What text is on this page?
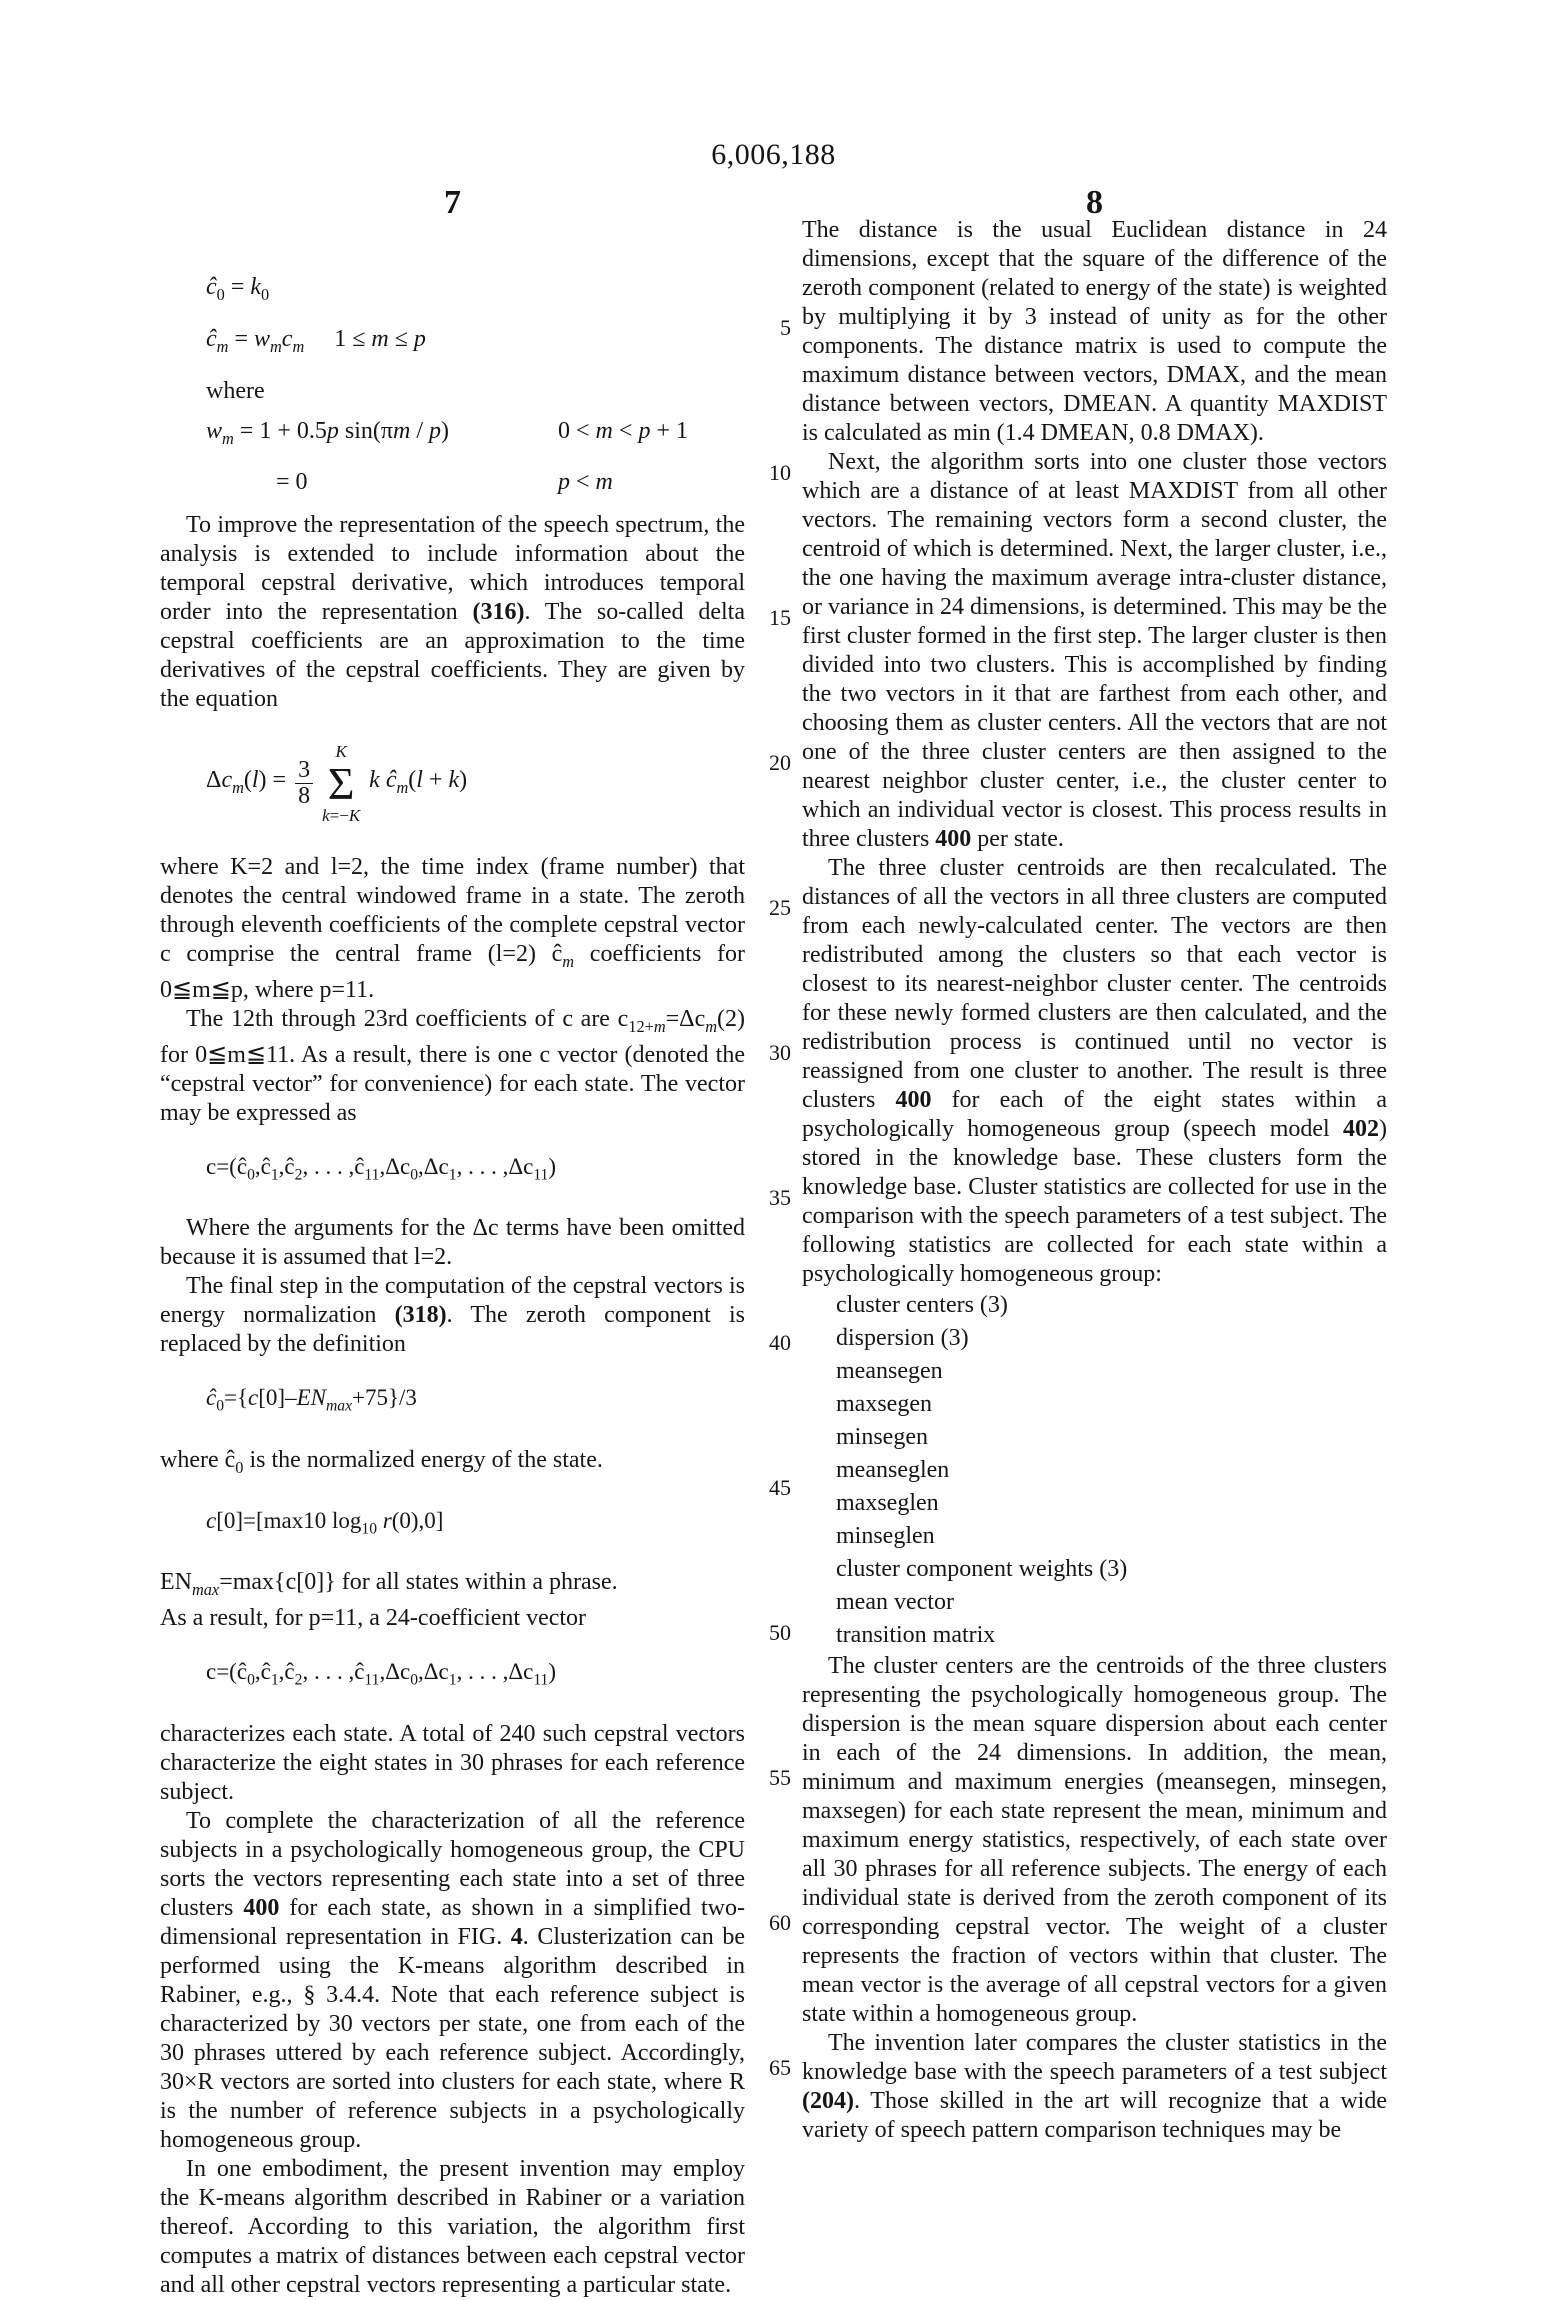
6,006,188
7	8
5
10
15
20
25
30
35
40
45
50
55
60
65
$ĉ_0 = k_0$
$ĉ_m = w_mc_m$ 1 ≤ m ≤ p
where
$w_m = 1 + 0.5p$ sin(πm / p)	0 < m < p + 1
= 0	p < m

To improve the representation of the speech spectrum, the analysis is extended to include information about the temporal cepstral derivative, which introduces temporal order into the representation (316). The so-called delta cepstral coefficients are an approximation to the time derivatives of the cepstral coefficients. They are given by the equation

$\Delta c_m(l) = \frac{3}{8}$
K
Σ
k=−K
k $ĉ_m(l + k)$

where K=2 and l=2, the time index (frame number) that denotes the central windowed frame in a state. The zeroth through eleventh coefficients of the complete cepstral vector c comprise the central frame (l=2) $ĉ_m$ coefficients for 0≦m≦p, where p=11.

The 12th through 23rd coefficients of c are $c_{12+m}=\Delta c_m(2)$ for 0≦m≦11. As a result, there is one c vector (denoted the “cepstral vector” for convenience) for each state. The vector may be expressed as

$c=(ĉ_0,ĉ_1,ĉ_2$, . . . $,ĉ_{11},\Delta c_0,\Delta c_1$, . . . $,\Delta c_{11}$)

Where the arguments for the Δc terms have been omitted because it is assumed that l=2.

The final step in the computation of the cepstral vectors is energy normalization (318). The zeroth component is replaced by the definition

$ĉ_0=\{c[0]-EN_{max}+75\}/3$

where $ĉ_0$ is the normalized energy of the state.

c[0]=[max10 $\log_{10} r(0),0$]

$EN_{max}=\max\{c[0]\}$ for all states within a phrase.

As a result, for p=11, a 24-coefficient vector

$c=(ĉ_0,ĉ_1,ĉ_2$, . . . $,ĉ_{11},\Delta c_0,\Delta c_1$, . . . $,\Delta c_{11}$)

characterizes each state. A total of 240 such cepstral vectors characterize the eight states in 30 phrases for each reference subject.

To complete the characterization of all the reference subjects in a psychologically homogeneous group, the CPU sorts the vectors representing each state into a set of three clusters 400 for each state, as shown in a simplified two-dimensional representation in FIG. 4. Clusterization can be performed using the K-means algorithm described in Rabiner, e.g., § 3.4.4. Note that each reference subject is characterized by 30 vectors per state, one from each of the 30 phrases uttered by each reference subject. Accordingly, 30×R vectors are sorted into clusters for each state, where R is the number of reference subjects in a psychologically homogeneous group.

In one embodiment, the present invention may employ the K-means algorithm described in Rabiner or a variation thereof. According to this variation, the algorithm first computes a matrix of distances between each cepstral vector and all other cepstral vectors representing a particular state.

The distance is the usual Euclidean distance in 24 dimensions, except that the square of the difference of the zeroth component (related to energy of the state) is weighted by multiplying it by 3 instead of unity as for the other components. The distance matrix is used to compute the maximum distance between vectors, DMAX, and the mean distance between vectors, DMEAN. A quantity MAXDIST is calculated as min (1.4 DMEAN, 0.8 DMAX).

Next, the algorithm sorts into one cluster those vectors which are a distance of at least MAXDIST from all other vectors. The remaining vectors form a second cluster, the centroid of which is determined. Next, the larger cluster, i.e., the one having the maximum average intra-cluster distance, or variance in 24 dimensions, is determined. This may be the first cluster formed in the first step. The larger cluster is then divided into two clusters. This is accomplished by finding the two vectors in it that are farthest from each other, and choosing them as cluster centers. All the vectors that are not one of the three cluster centers are then assigned to the nearest neighbor cluster center, i.e., the cluster center to which an individual vector is closest. This process results in three clusters 400 per state.

The three cluster centroids are then recalculated. The distances of all the vectors in all three clusters are computed from each newly-calculated center. The vectors are then redistributed among the clusters so that each vector is closest to its nearest-neighbor cluster center. The centroids for these newly formed clusters are then calculated, and the redistribution process is continued until no vector is reassigned from one cluster to another. The result is three clusters 400 for each of the eight states within a psychologically homogeneous group (speech model 402) stored in the knowledge base. These clusters form the knowledge base. Cluster statistics are collected for use in the comparison with the speech parameters of a test subject. The following statistics are collected for each state within a psychologically homogeneous group:

cluster centers (3)
dispersion (3)
meansegen
maxsegen
minsegen
meanseglen
maxseglen
minseglen
cluster component weights (3)
mean vector
transition matrix

The cluster centers are the centroids of the three clusters representing the psychologically homogeneous group. The dispersion is the mean square dispersion about each center in each of the 24 dimensions. In addition, the mean, minimum and maximum energies (meansegen, minsegen, maxsegen) for each state represent the mean, minimum and maximum energy statistics, respectively, of each state over all 30 phrases for all reference subjects. The energy of each individual state is derived from the zeroth component of its corresponding cepstral vector. The weight of a cluster represents the fraction of vectors within that cluster. The mean vector is the average of all cepstral vectors for a given state within a homogeneous group.

The invention later compares the cluster statistics in the knowledge base with the speech parameters of a test subject (204). Those skilled in the art will recognize that a wide variety of speech pattern comparison techniques may be
